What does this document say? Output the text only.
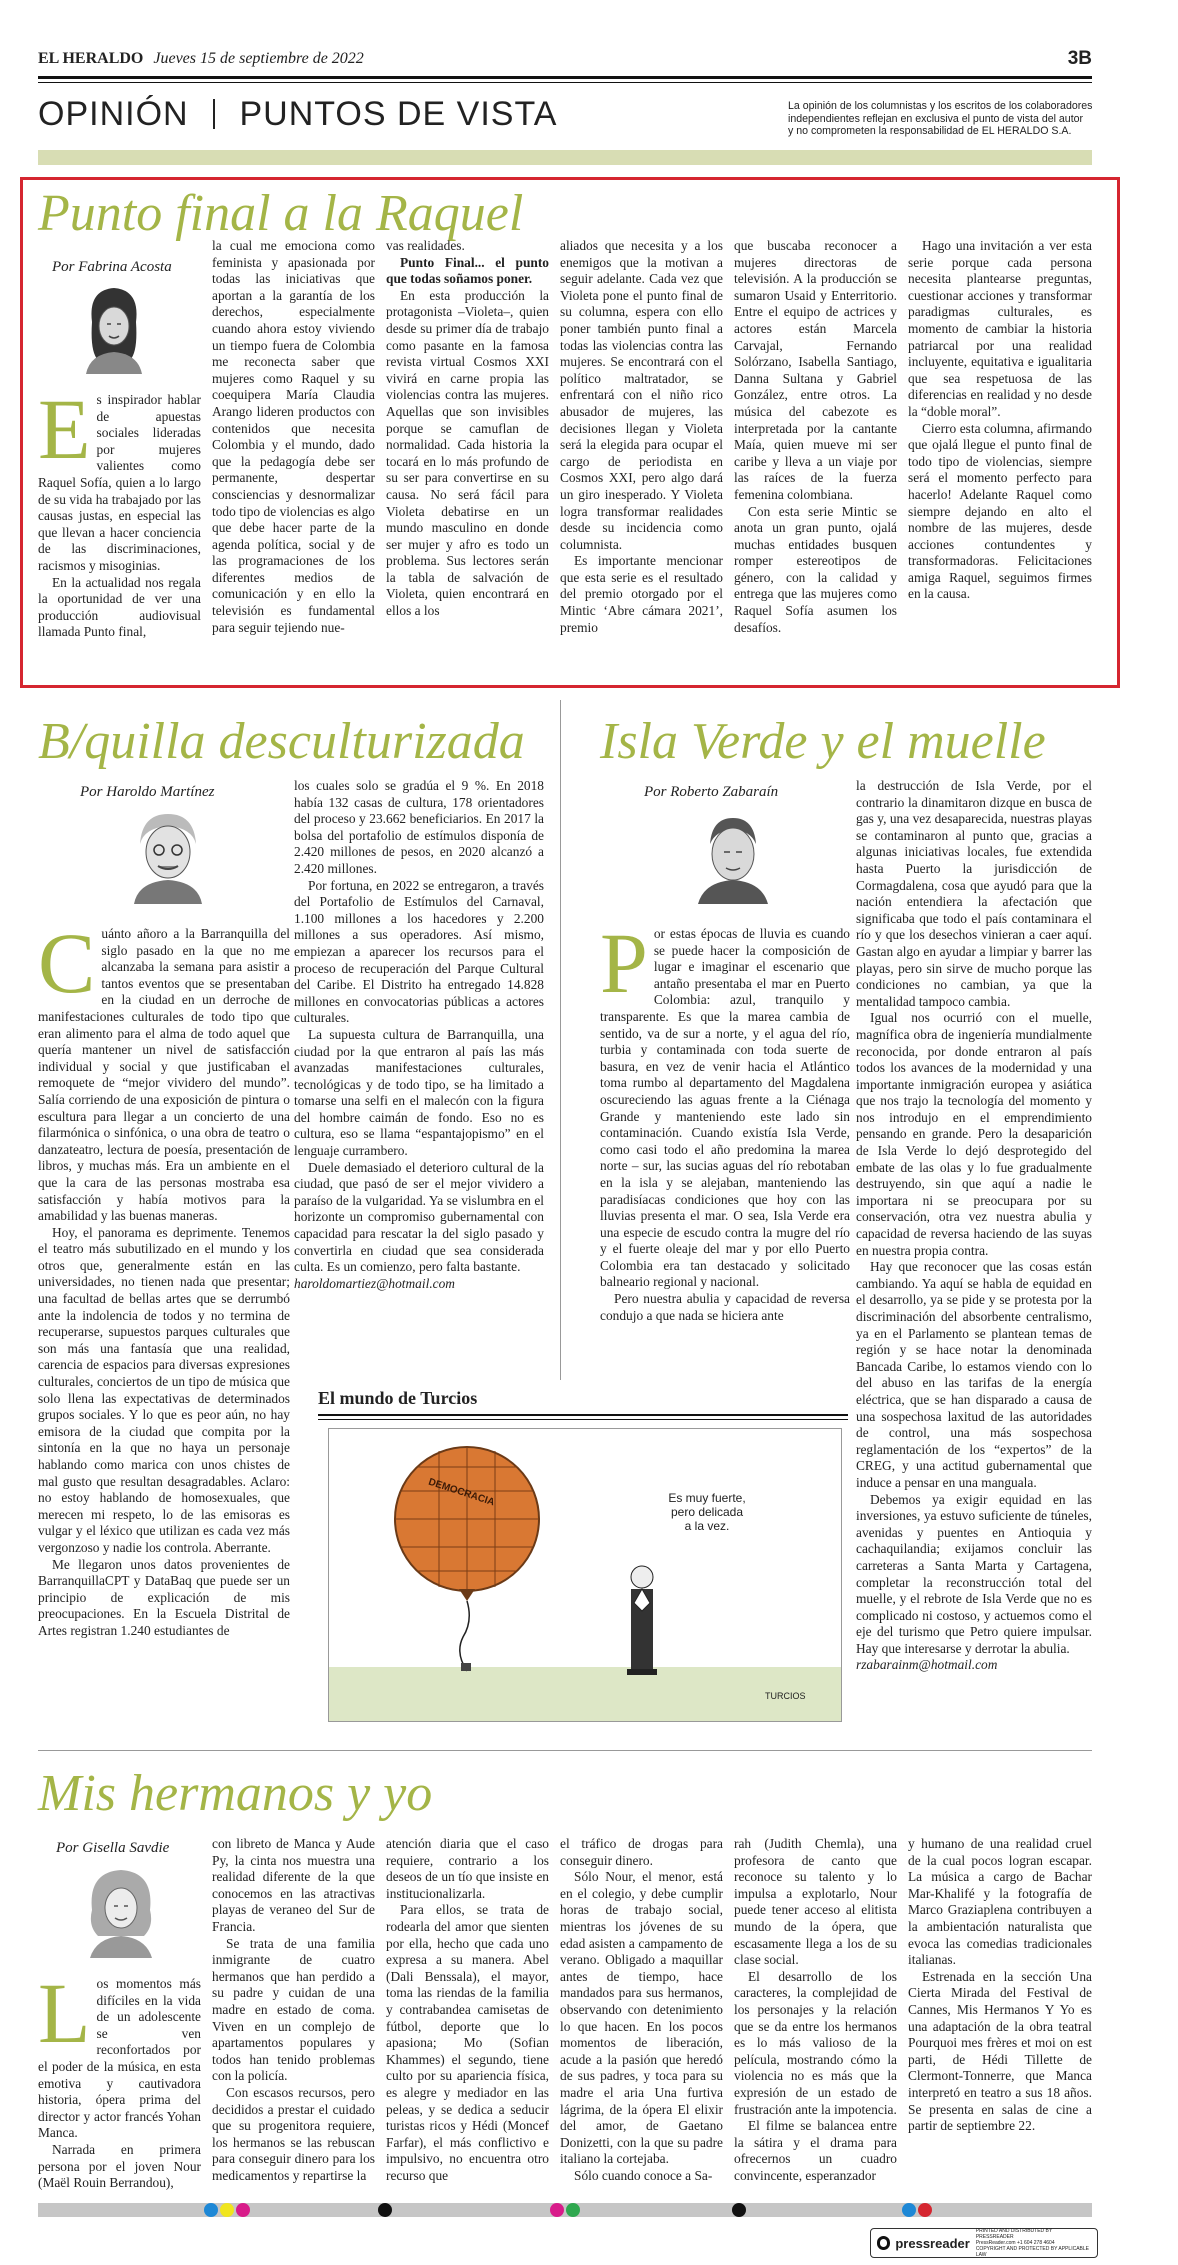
EL HERALDO Jueves 15 de septiembre de 2022	3B
OPINIÓN PUNTOS DE VISTA	La opinión de los columnistas y los escritos de los colaboradores
independientes reflejan en exclusiva el punto de vista del autor
y no comprometen la responsabilidad de EL HERALDO S.A.
Punto final a la Raquel
Por Fabrina Acosta
E s inspirador hablar de apuestas sociales lideradas por mujeres valientes como Raquel Sofía, quien a lo largo de su vida ha trabajado por las causas justas, en especial las que llevan a hacer conciencia de las discriminaciones, racismos y misoginias.

En la actualidad nos regala la oportunidad de ver una producción audiovisual llamada Punto final,

la cual me emociona como feminista y apasionada por todas las iniciativas que aportan a la garantía de los derechos, especialmente cuando ahora estoy viviendo un tiempo fuera de Colombia me reconecta saber que mujeres como Raquel y su coequipera María Claudia Arango lideren productos con contenidos que necesita Colombia y el mundo, dado que la pedagogía debe ser permanente, despertar consciencias y desnormalizar todo tipo de violencias es algo que debe hacer parte de la agenda política, social y de las programaciones de los diferentes medios de comunicación y en ello la televisión es fundamental para seguir tejiendo nue-

vas realidades.

Punto Final... el punto que todas soñamos poner.

En esta producción la protagonista –Violeta–, quien desde su primer día de trabajo como pasante en la famosa revista virtual Cosmos XXI vivirá en carne propia las violencias contra las mujeres. Aquellas que son invisibles porque se camuflan de normalidad. Cada historia la tocará en lo más profundo de su ser para convertirse en su causa. No será fácil para Violeta debatirse en un mundo masculino en donde ser mujer y afro es todo un problema. Sus lectores serán la tabla de salvación de Violeta, quien encontrará en ellos a los

aliados que necesita y a los enemigos que la motivan a seguir adelante. Cada vez que Violeta pone el punto final de su columna, espera con ello poner también punto final a todas las violencias contra las mujeres. Se encontrará con el político maltratador, se enfrentará con el niño rico abusador de mujeres, las decisiones llegan y Violeta será la elegida para ocupar el cargo de periodista en Cosmos XXI, pero algo dará un giro inesperado. Y Violeta logra transformar realidades desde su incidencia como columnista.

Es importante mencionar que esta serie es el resultado del premio otorgado por el Mintic ‘Abre cámara 2021’, premio

que buscaba reconocer a mujeres directoras de televisión. A la producción se sumaron Usaid y Enterritorio. Entre el equipo de actrices y actores están Marcela Carvajal, Fernando Solórzano, Isabella Santiago, Danna Sultana y Gabriel González, entre otros. La música del cabezote es interpretada por la cantante Maía, quien mueve mi ser caribe y lleva a un viaje por las raíces de la fuerza femenina colombiana.

Con esta serie Mintic se anota un gran punto, ojalá muchas entidades busquen romper estereotipos de género, con la calidad y entrega que las mujeres como Raquel Sofía asumen los desafíos.

Hago una invitación a ver esta serie porque cada persona necesita plantearse preguntas, cuestionar acciones y transformar paradigmas culturales, es momento de cambiar la historia patriarcal por una realidad incluyente, equitativa e igualitaria que sea respetuosa de las diferencias en realidad y no desde la “doble moral”.

Cierro esta columna, afirmando que ojalá llegue el punto final de todo tipo de violencias, siempre será el momento perfecto para hacerlo! Adelante Raquel como siempre dejando en alto el nombre de las mujeres, desde acciones contundentes y transformadoras. Felicitaciones amiga Raquel, seguimos firmes en la causa.

B/quilla desculturizada
Por Haroldo Martínez
C uánto añoro a la Barranquilla del siglo pasado en la que no me alcanzaba la semana para asistir a tantos eventos que se presentaban en la ciudad en un derroche de manifestaciones culturales de todo tipo que eran alimento para el alma de todo aquel que quería mantener un nivel de satisfacción individual y social y que justificaban el remoquete de “mejor vividero del mundo”. Salía corriendo de una exposición de pintura o escultura para llegar a un concierto de una filarmónica o sinfónica, o una obra de teatro o danzateatro, lectura de poesía, presentación de libros, y muchas más. Era un ambiente en el que la cara de las personas mostraba esa satisfacción y había motivos para la amabilidad y las buenas maneras.

Hoy, el panorama es deprimente. Tenemos el teatro más subutilizado en el mundo y los otros que, generalmente están en las universidades, no tienen nada que presentar; una facultad de bellas artes que se derrumbó ante la indolencia de todos y no termina de recuperarse, supuestos parques culturales que son más una fantasía que una realidad, carencia de espacios para diversas expresiones culturales, conciertos de un tipo de música que solo llena las expectativas de determinados grupos sociales. Y lo que es peor aún, no hay emisora de la ciudad que compita por la sintonía en la que no haya un personaje hablando como marica con unos chistes de mal gusto que resultan desagradables. Aclaro: no estoy hablando de homosexuales, que merecen mi respeto, lo de las emisoras es vulgar y el léxico que utilizan es cada vez más vergonzoso y nadie los controla. Aberrante.

Me llegaron unos datos provenientes de BarranquillaCPT y DataBaq que puede ser un principio de explicación de mis preocupaciones. En la Escuela Distrital de Artes registran 1.240 estudiantes de

los cuales solo se gradúa el 9 %. En 2018 había 132 casas de cultura, 178 orientadores del proceso y 23.662 beneficiarios. En 2017 la bolsa del portafolio de estímulos disponía de 2.420 millones de pesos, en 2020 alcanzó a 2.420 millones.

Por fortuna, en 2022 se entregaron, a través del Portafolio de Estímulos del Carnaval, 1.100 millones a los hacedores y 2.200 millones a sus operadores. Así mismo, empiezan a aparecer los recursos para el proceso de recuperación del Parque Cultural del Caribe. El Distrito ha entregado 14.828 millones en convocatorias públicas a actores culturales.

La supuesta cultura de Barranquilla, una ciudad por la que entraron al país las más avanzadas manifestaciones culturales, tecnológicas y de todo tipo, se ha limitado a tomarse una selfi en el malecón con la figura del hombre caimán de fondo. Eso no es cultura, eso se llama “espantajopismo” en el lenguaje currambero.

Duele demasiado el deterioro cultural de la ciudad, que pasó de ser el mejor vividero a paraíso de la vulgaridad. Ya se vislumbra en el horizonte un compromiso gubernamental con capacidad para rescatar la del siglo pasado y convertirla en ciudad que sea considerada culta. Es un comienzo, pero falta bastante.

haroldomartiez@hotmail.com

El mundo de Turcios
DEMOCRACIA	Es muy fuerte,
pero delicada
a la vez.
TURCIOS
Isla Verde y el muelle
Por Roberto Zabaraín
P or estas épocas de lluvia es cuando se puede hacer la composición de lugar e imaginar el escenario que antaño presentaba el mar en Puerto Colombia: azul, tranquilo y transparente. Es que la marea cambia de sentido, va de sur a norte, y el agua del río, turbia y contaminada con toda suerte de basura, en vez de venir hacia el Atlántico toma rumbo al departamento del Magdalena oscureciendo las aguas frente a la Ciénaga Grande y manteniendo este lado sin contaminación. Cuando existía Isla Verde, como casi todo el año predomina la marea norte – sur, las sucias aguas del río rebotaban en la isla y se alejaban, manteniendo las paradisíacas condiciones que hoy con las lluvias presenta el mar. O sea, Isla Verde era una especie de escudo contra la mugre del río y el fuerte oleaje del mar y por ello Puerto Colombia era tan destacado y solicitado balneario regional y nacional.

Pero nuestra abulia y capacidad de reversa condujo a que nada se hiciera ante

la destrucción de Isla Verde, por el contrario la dinamitaron dizque en busca de gas y, una vez desaparecida, nuestras playas se contaminaron al punto que, gracias a algunas iniciativas locales, fue extendida hasta Puerto la jurisdicción de Cormagdalena, cosa que ayudó para que la nación entendiera la afectación que significaba que todo el país contaminara el río y que los desechos vinieran a caer aquí. Gastan algo en ayudar a limpiar y barrer las playas, pero sin sirve de mucho porque las condiciones no cambian, ya que la mentalidad tampoco cambia.

Igual nos ocurrió con el muelle, magnífica obra de ingeniería mundialmente reconocida, por donde entraron al país todos los avances de la modernidad y una importante inmigración europea y asiática que nos trajo la tecnología del momento y nos introdujo en el emprendimiento pensando en grande. Pero la desaparición de Isla Verde lo dejó desprotegido del embate de las olas y lo fue gradualmente destruyendo, sin que aquí a nadie le importara ni se preocupara por su conservación, otra vez nuestra abulia y capacidad de reversa haciendo de las suyas en nuestra propia contra.

Hay que reconocer que las cosas están cambiando. Ya aquí se habla de equidad en el desarrollo, ya se pide y se protesta por la discriminación del absorbente centralismo, ya en el Parlamento se plantean temas de región y se hace notar la denominada Bancada Caribe, lo estamos viendo con lo del abuso en las tarifas de la energía eléctrica, que se han disparado a causa de una sospechosa laxitud de las autoridades de control, una más sospechosa reglamentación de los “expertos” de la CREG, y una actitud gubernamental que induce a pensar en una manguala.

Debemos ya exigir equidad en las inversiones, ya estuvo suficiente de túneles, avenidas y puentes en Antioquia y cachaquilandia; exijamos concluir las carreteras a Santa Marta y Cartagena, completar la reconstrucción total del muelle, y el rebrote de Isla Verde que no es complicado ni costoso, y actuemos como el eje del turismo que Petro quiere impulsar. Hay que interesarse y derrotar la abulia.

rzabarainm@hotmail.com

Mis hermanos y yo
Por Gisella Savdie
L os momentos más difíciles en la vida de un adolescente se ven reconfortados por el poder de la música, en esta emotiva y cautivadora historia, ópera prima del director y actor francés Yohan Manca.

Narrada en primera persona por el joven Nour (Maël Rouin Berrandou),

con libreto de Manca y Aude Py, la cinta nos muestra una realidad diferente de la que conocemos en las atractivas playas de veraneo del Sur de Francia.

Se trata de una familia inmigrante de cuatro hermanos que han perdido a su padre y cuidan de una madre en estado de coma. Viven en un complejo de apartamentos populares y todos han tenido problemas con la policía.

Con escasos recursos, pero decididos a prestar el cuidado que su progenitora requiere, los hermanos se las rebuscan para conseguir dinero para los medicamentos y repartirse la

atención diaria que el caso requiere, contrario a los deseos de un tío que insiste en institucionalizarla.

Para ellos, se trata de rodearla del amor que sienten por ella, hecho que cada uno expresa a su manera. Abel (Dali Benssala), el mayor, toma las riendas de la familia y contrabandea camisetas de fútbol, deporte que lo apasiona; Mo (Sofian Khammes) el segundo, tiene culto por su apariencia física, es alegre y mediador en las peleas, y se dedica a seducir turistas ricos y Hédi (Moncef Farfar), el más conflictivo e impulsivo, no encuentra otro recurso que

el tráfico de drogas para conseguir dinero.

Sólo Nour, el menor, está en el colegio, y debe cumplir horas de trabajo social, mientras los jóvenes de su edad asisten a campamento de verano. Obligado a maquillar antes de tiempo, hace mandados para sus hermanos, observando con detenimiento lo que hacen. En los pocos momentos de liberación, acude a la pasión que heredó de sus padres, y toca para su madre el aria Una furtiva lágrima, de la ópera El elixir del amor, de Gaetano Donizetti, con la que su padre italiano la cortejaba.

Sólo cuando conoce a Sa-

rah (Judith Chemla), una profesora de canto que reconoce su talento y lo impulsa a explotarlo, Nour puede tener acceso al elitista mundo de la ópera, que escasamente llega a los de su clase social.

El desarrollo de los caracteres, la complejidad de los personajes y la relación que se da entre los hermanos es lo más valioso de la película, mostrando cómo la violencia no es más que la expresión de un estado de frustración ante la impotencia.

El filme se balancea entre la sátira y el drama para ofrecernos un cuadro convincente, esperanzador

y humano de una realidad cruel de la cual pocos logran escapar. La música a cargo de Bachar Mar-Khalifé y la fotografía de Marco Graziaplena contribuyen a la ambientación naturalista que evoca las comedias tradicionales italianas.

Estrenada en la sección Una Cierta Mirada del Festival de Cannes, Mis Hermanos Y Yo es una adaptación de la obra teatral Pourquoi mes frères et moi on est parti, de Hédi Tillette de Clermont-Tonnerre, que Manca interpretó en teatro a sus 18 años. Se presenta en salas de cine a partir de septiembre 22.

pressreader
PRINTED AND DISTRIBUTED BY PRESSREADER
PressReader.com +1 604 278 4604
COPYRIGHT AND PROTECTED BY APPLICABLE LAW
